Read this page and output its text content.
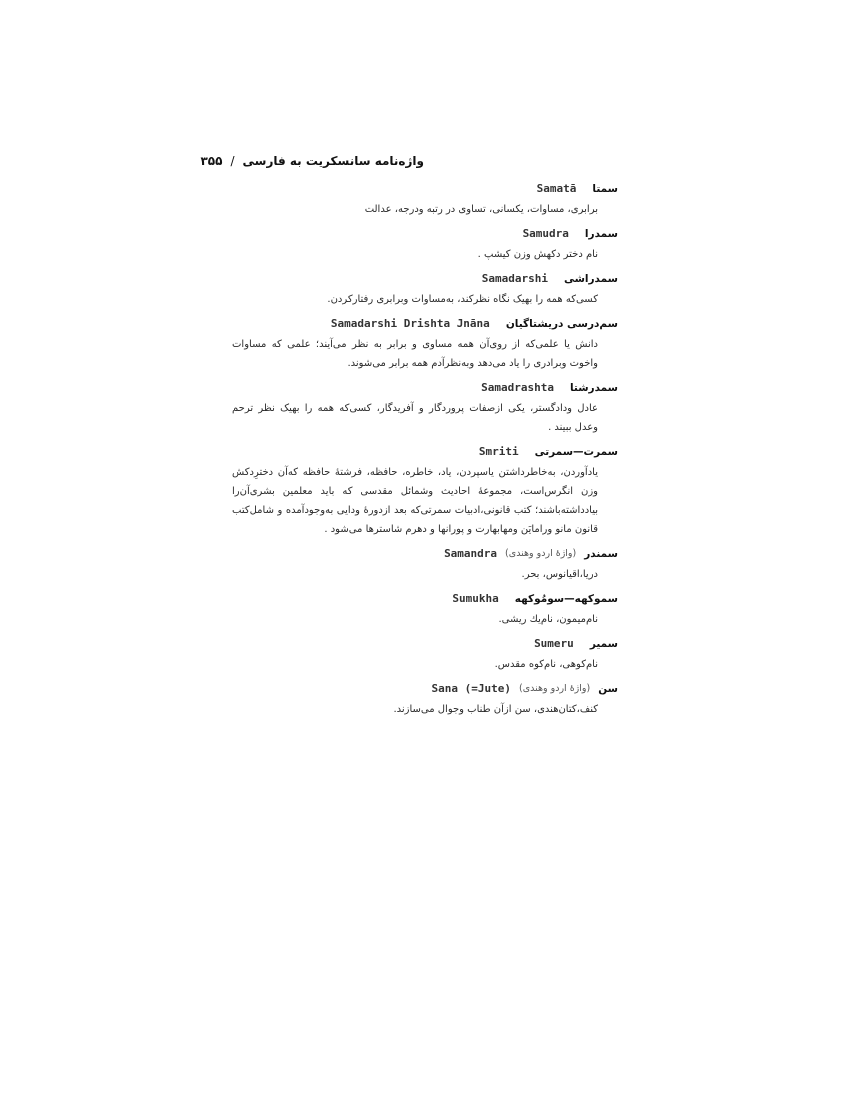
واژه‌نامه سانسکریت به فارسی
/
۳۵۵
سمتا
Samatā
برابری، مساوات، یکسانی، تساوی در رتبه ودرجه، عدالت
سمدرا
Samudra
نام دختر دکهش وزن کیشپ .
سمدراشی
Samadarshi
کسی‌که همه را بهیک نگاه نظرکند، به‌مساوات وبرابری رفتارکردن.
سم‌درسی دریشتاگیان
Samadarshi Drishta Jnāna
دانش یا علمی‌که از روی‌آن همه مساوی و برابر به نظر می‌آیند؛ علمی که مساوات واخوت وبرادری را یاد می‌دهد وبه‌نظرآدم همه برابر می‌شوند.
سمدرشتا
Samadrashta
عادل وداد‌گستر، یکی ازصفات پروردگار و آفریدگار، کسی‌که همه را بهیک نظر ترحم وعدل ببیند .
سمرت—سمرتی
Smriti
یادآوردن، به‌خاطرداشتن یاسپردن، یاد، خاطره، حافظه، فرشتهٔ حافظه که‌آن دخترِدکش وزن انگرس‌است، مجموعهٔ احادیث وشمائل مقدسی که باید معلمین بشری‌آن‌را بیادداشته‌باشند؛ کتب قانونی،ادبیات سمرتی‌که بعد ازدورهٔ ودایی به‌وجودآمده و شامل‌کتب قانون مانو ورامایَن ومهابهارت و پورانها و دهرم شاسترها می‌شود .
سمندر
(واژهٔ اردو وهندی)
Samandra
دریا،اقیانوس، بحر.
سموکهه—سومُوکهه
Sumukha
نام‌میمون، نام‌یك ریشی.
سمیر
Sumeru
نام‌کوهی، نام‌کوه مقدس.
سن
(واژهٔ اردو وهندی)
Sana (=Jute)
کنف،کتان‌هندی، سن ازآن طناب وجوال می‌سازند.
